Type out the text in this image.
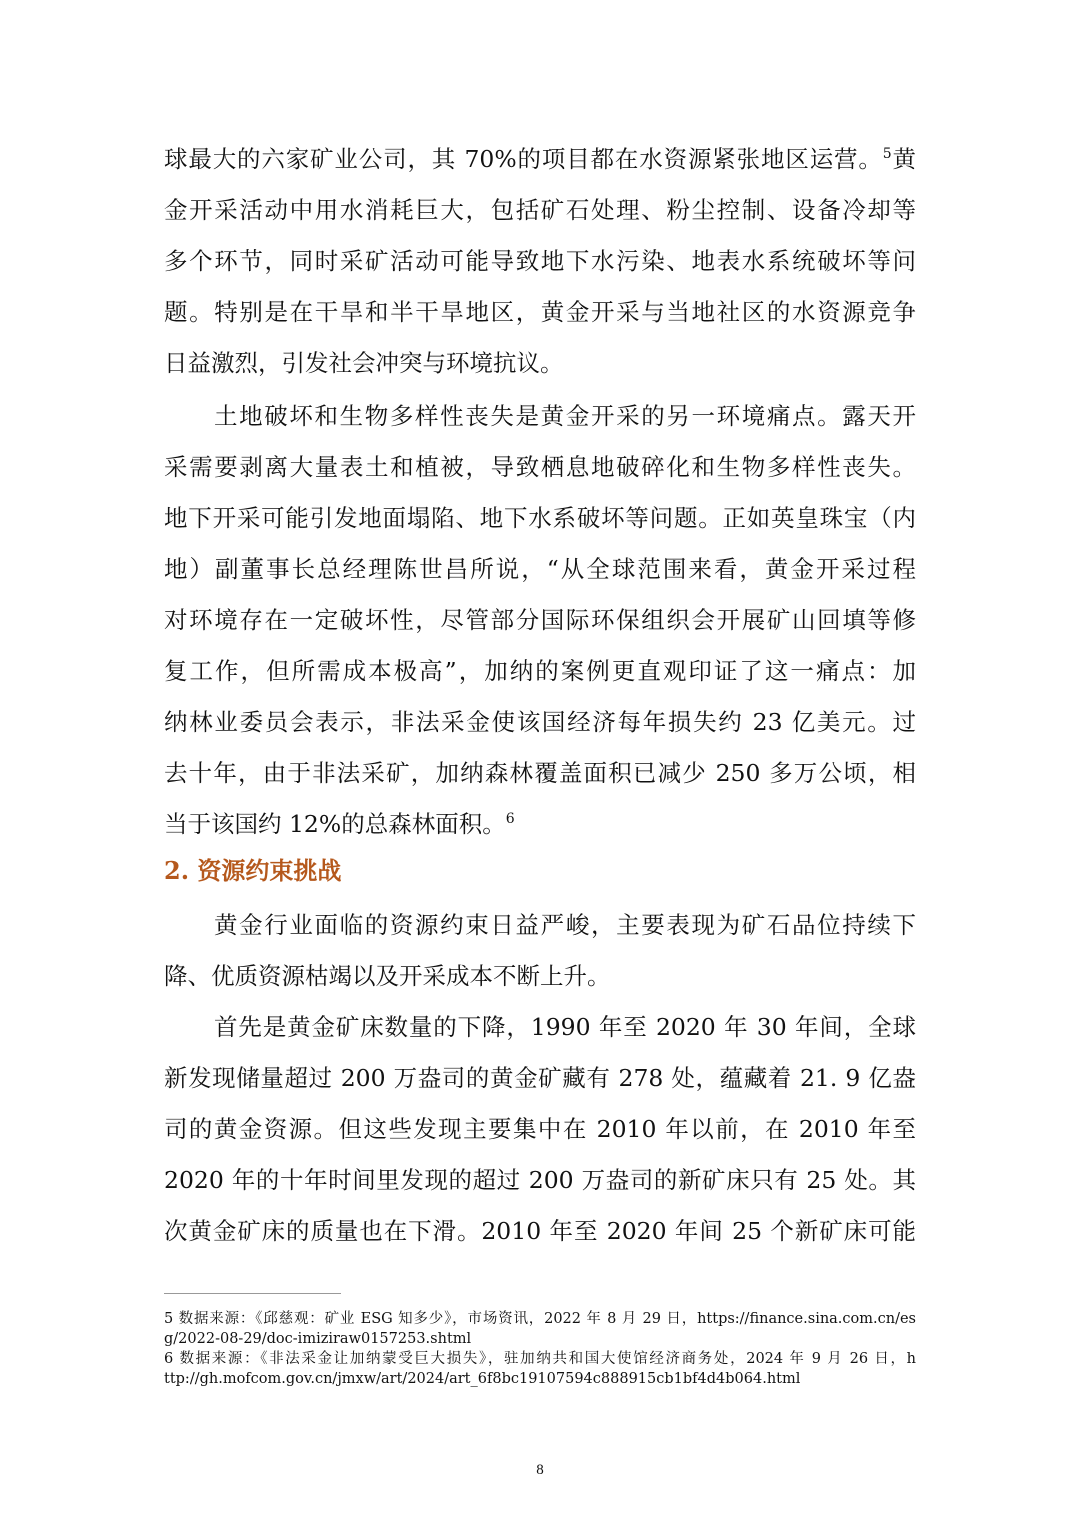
球最大的六家矿业公司，其 70%的项目都在水资源紧张地区运营。$^5$黄
金开采活动中用水消耗巨大，包括矿石处理、粉尘控制、设备冷却等
多个环节，同时采矿活动可能导致地下水污染、地表水系统破坏等问
题。特别是在干旱和半干旱地区，黄金开采与当地社区的水资源竞争
日益激烈，引发社会冲突与环境抗议。
土地破坏和生物多样性丧失是黄金开采的另一环境痛点。露天开
采需要剥离大量表土和植被，导致栖息地破碎化和生物多样性丧失。
地下开采可能引发地面塌陷、地下水系破坏等问题。正如英皇珠宝（内
地）副董事长总经理陈世昌所说，“从全球范围来看，黄金开采过程
对环境存在一定破坏性，尽管部分国际环保组织会开展矿山回填等修
复工作，但所需成本极高”，加纳的案例更直观印证了这一痛点：加
纳林业委员会表示，非法采金使该国经济每年损失约 23 亿美元。过
去十年，由于非法采矿，加纳森林覆盖面积已减少 250 多万公顷，相
当于该国约 12%的总森林面积。$^6$
2. 资源约束挑战
黄金行业面临的资源约束日益严峻，主要表现为矿石品位持续下
降、优质资源枯竭以及开采成本不断上升。
首先是黄金矿床数量的下降，1990 年至 2020 年 30 年间，全球
新发现储量超过 200 万盎司的黄金矿藏有 278 处，蕴藏着 21. 9 亿盎
司的黄金资源。但这些发现主要集中在 2010 年以前，在 2010 年至
2020 年的十年时间里发现的超过 200 万盎司的新矿床只有 25 处。其
次黄金矿床的质量也在下滑。2010 年至 2020 年间 25 个新矿床可能
5 数据来源：《邱慈观：矿业 ESG 知多少》，市场资讯，2022 年 8 月 29 日，https://finance.sina.com.cn/es
g/2022-08-29/doc-imiziraw0157253.shtml
6 数据来源：《非法采金让加纳蒙受巨大损失》，驻加纳共和国大使馆经济商务处，2024 年 9 月 26 日，h
ttp://gh.mofcom.gov.cn/jmxw/art/2024/art_6f8bc19107594c888915cb1bf4d4b064.html
8
